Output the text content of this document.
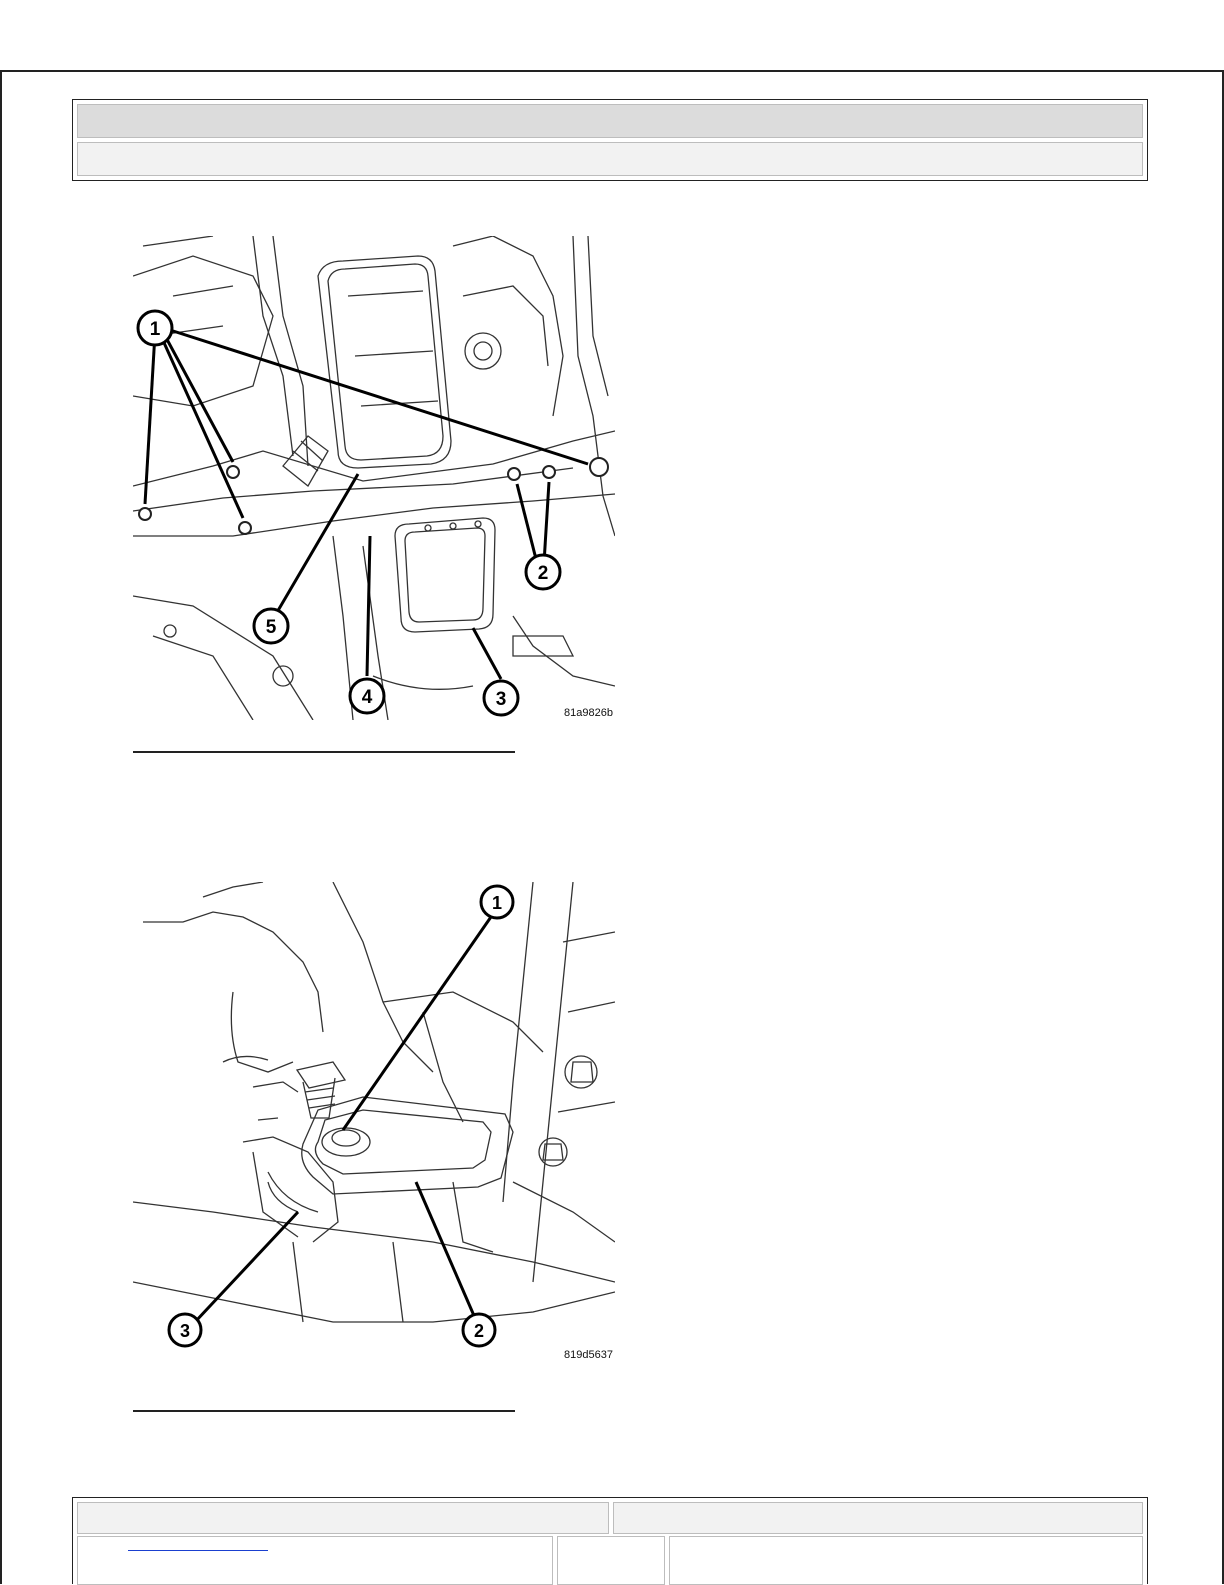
1
2
3
4
5
81a9826b
1
2
3
819d5637
